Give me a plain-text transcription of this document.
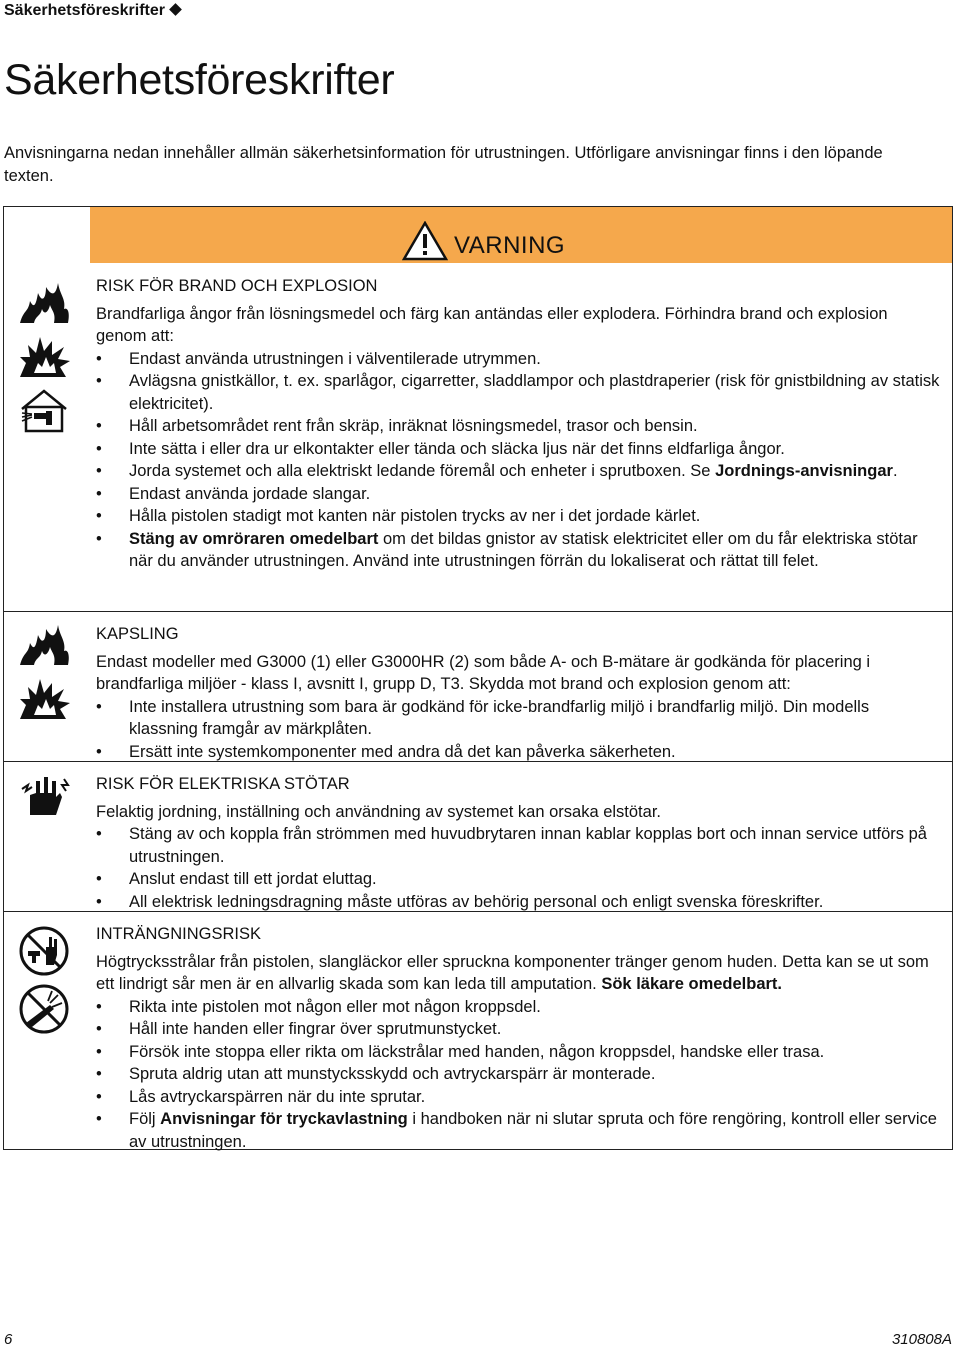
Säkerhetsföreskrifter
Säkerhetsföreskrifter

Anvisningarna nedan innehåller allmän säkerhetsinformation för utrustningen. Utförligare anvisningar finns i den löpande texten.

VARNING

RISK FÖR BRAND OCH EXPLOSION

Brandfarliga ångor från lösningsmedel och färg kan antändas eller explodera. Förhindra brand och explosion genom att:

• Endast använda utrustningen i välventilerade utrymmen.
• Avlägsna gnistkällor, t. ex. sparlågor, cigarretter, sladdlampor och plastdraperier (risk för gnistbildning av statisk elektricitet).
• Håll arbetsområdet rent från skräp, inräknat lösningsmedel, trasor och bensin.
• Inte sätta i eller dra ur elkontakter eller tända och släcka ljus när det finns eldfarliga ångor.
• Jorda systemet och alla elektriskt ledande föremål och enheter i sprutboxen. Se Jordnings-anvisningar.
• Endast använda jordade slangar.
• Hålla pistolen stadigt mot kanten när pistolen trycks av ner i det jordade kärlet.
• Stäng av omröraren omedelbart om det bildas gnistor av statisk elektricitet eller om du får elektriska stötar när du använder utrustningen. Använd inte utrustningen förrän du lokaliserat och rättat till felet.

KAPSLING

Endast modeller med G3000 (1) eller G3000HR (2) som både A- och B-mätare är godkända för placering i brandfarliga miljöer - klass I, avsnitt I, grupp D, T3. Skydda mot brand och explosion genom att:

• Inte installera utrustning som bara är godkänd för icke-brandfarlig miljö i brandfarlig miljö. Din modells klassning framgår av märkplåten.
• Ersätt inte systemkomponenter med andra då det kan påverka säkerheten.

RISK FÖR ELEKTRISKA STÖTAR

Felaktig jordning, inställning och användning av systemet kan orsaka elstötar.

• Stäng av och koppla från strömmen med huvudbrytaren innan kablar kopplas bort och innan service utförs på utrustningen.
• Anslut endast till ett jordat eluttag.
• All elektrisk ledningsdragning måste utföras av behörig personal och enligt svenska föreskrifter.

INTRÄNGNINGSRISK

Högtrycksstrålar från pistolen, slangläckor eller spruckna komponenter tränger genom huden. Detta kan se ut som ett lindrigt sår men är en allvarlig skada som kan leda till amputation. Sök läkare omedelbart.

• Rikta inte pistolen mot någon eller mot någon kroppsdel.
• Håll inte handen eller fingrar över sprutmunstycket.
• Försök inte stoppa eller rikta om läckstrålar med handen, någon kroppsdel, handske eller trasa.
• Spruta aldrig utan att munstycksskydd och avtryckarspärr är monterade.
• Lås avtryckarspärren när du inte sprutar.
• Följ Anvisningar för tryckavlastning i handboken när ni slutar spruta och före rengöring, kontroll eller service av utrustningen.
6	310808A
